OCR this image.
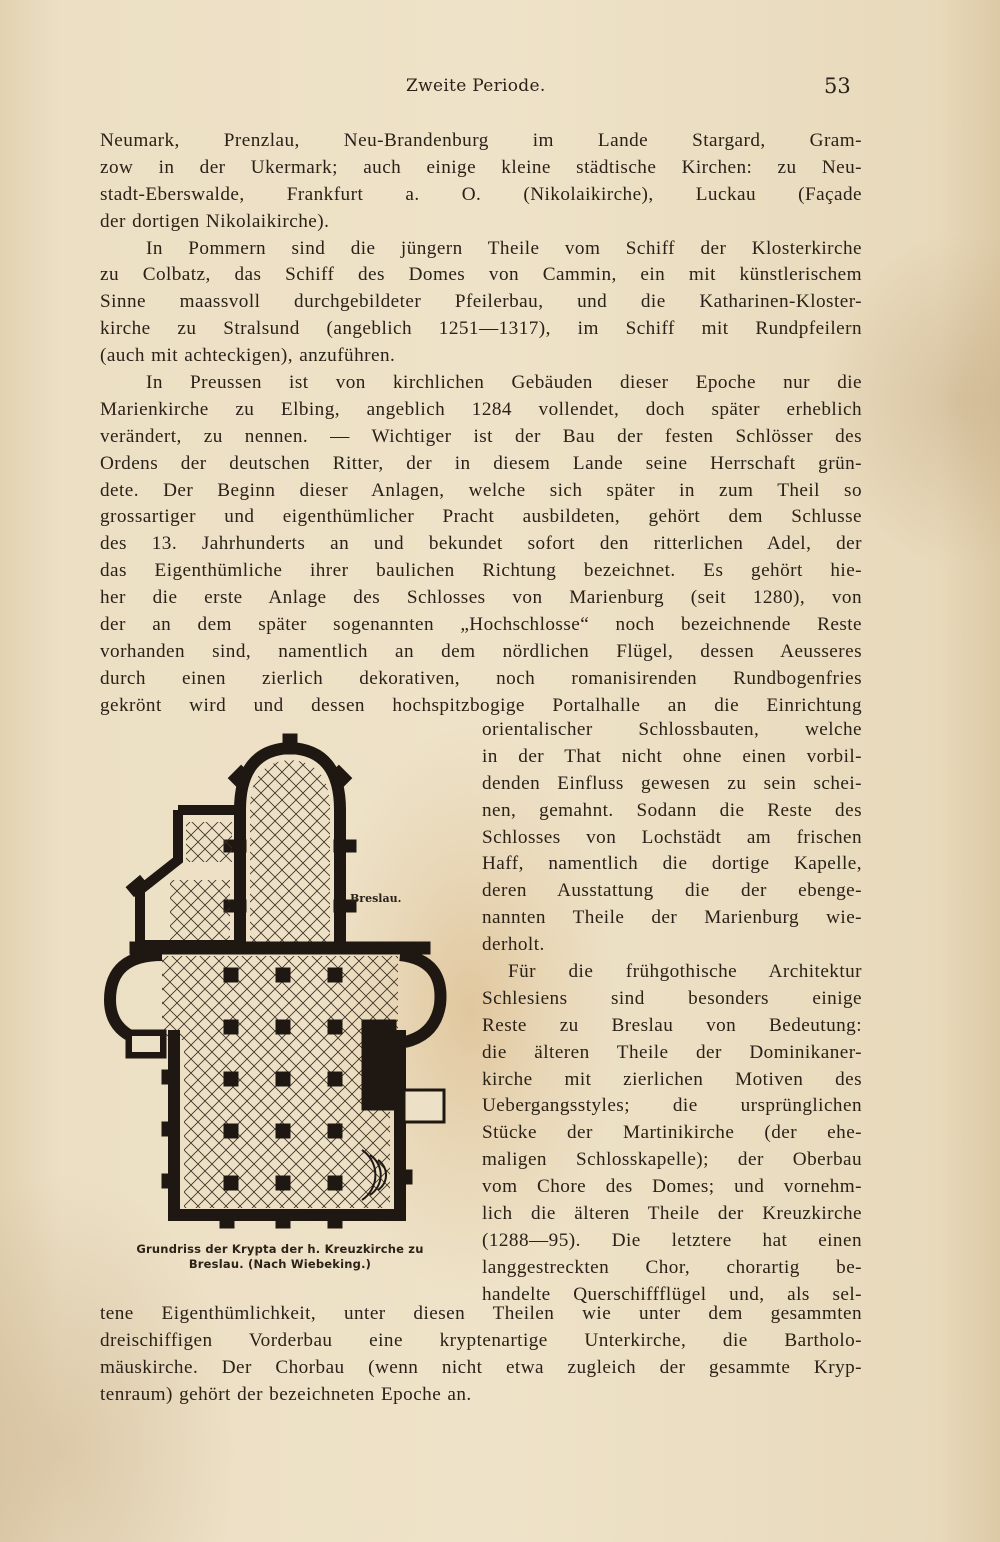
Zweite Periode.	53
Neumark, Prenzlau, Neu-Brandenburg im Lande Stargard, Gram-
zow in der Ukermark; auch einige kleine städtische Kirchen: zu Neu-
stadt-Eberswalde, Frankfurt a. O. (Nikolaikirche), Luckau (Façade
der dortigen Nikolaikirche).
In Pommern sind die jüngern Theile vom Schiff der Klosterkirche
zu Colbatz, das Schiff des Domes von Cammin, ein mit künstlerischem
Sinne maassvoll durchgebildeter Pfeilerbau, und die Katharinen-Kloster-
kirche zu Stralsund (angeblich 1251—1317), im Schiff mit Rundpfeilern
(auch mit achteckigen), anzuführen.
In Preussen ist von kirchlichen Gebäuden dieser Epoche nur die
Marienkirche zu Elbing, angeblich 1284 vollendet, doch später erheblich
verändert, zu nennen. — Wichtiger ist der Bau der festen Schlösser des
Ordens der deutschen Ritter, der in diesem Lande seine Herrschaft grün-
dete. Der Beginn dieser Anlagen, welche sich später in zum Theil so
grossartiger und eigenthümlicher Pracht ausbildeten, gehört dem Schlusse
des 13. Jahrhunderts an und bekundet sofort den ritterlichen Adel, der
das Eigenthümliche ihrer baulichen Richtung bezeichnet. Es gehört hie-
her die erste Anlage des Schlosses von Marienburg (seit 1280), von
der an dem später sogenannten „Hochschlosse“ noch bezeichnende Reste
vorhanden sind, namentlich an dem nördlichen Flügel, dessen Aeusseres
durch einen zierlich dekorativen, noch romanisirenden Rundbogenfries
gekrönt wird und dessen hochspitzbogige Portalhalle an die Einrichtung
Breslau.
Grundriss der Krypta der h. Kreuzkirche zu
Breslau. (Nach Wiebeking.)
orientalischer Schlossbauten, welche
in der That nicht ohne einen vorbil-
denden Einfluss gewesen zu sein schei-
nen, gemahnt. Sodann die Reste des
Schlosses von Lochstädt am frischen
Haff, namentlich die dortige Kapelle,
deren Ausstattung die der ebenge-
nannten Theile der Marienburg wie-
derholt.
Für die frühgothische Architektur
Schlesiens sind besonders einige
Reste zu Breslau von Bedeutung:
die älteren Theile der Dominikaner-
kirche mit zierlichen Motiven des
Uebergangsstyles; die ursprünglichen
Stücke der Martinikirche (der ehe-
maligen Schlosskapelle); der Oberbau
vom Chore des Domes; und vornehm-
lich die älteren Theile der Kreuzkirche
(1288—95). Die letztere hat einen
langgestreckten Chor, chorartig be-
handelte Querschiffflügel und, als sel-
tene Eigenthümlichkeit, unter diesen Theilen wie unter dem gesammten
dreischiffigen Vorderbau eine kryptenartige Unterkirche, die Bartholo-
mäuskirche. Der Chorbau (wenn nicht etwa zugleich der gesammte Kryp-
tenraum) gehört der bezeichneten Epoche an.
